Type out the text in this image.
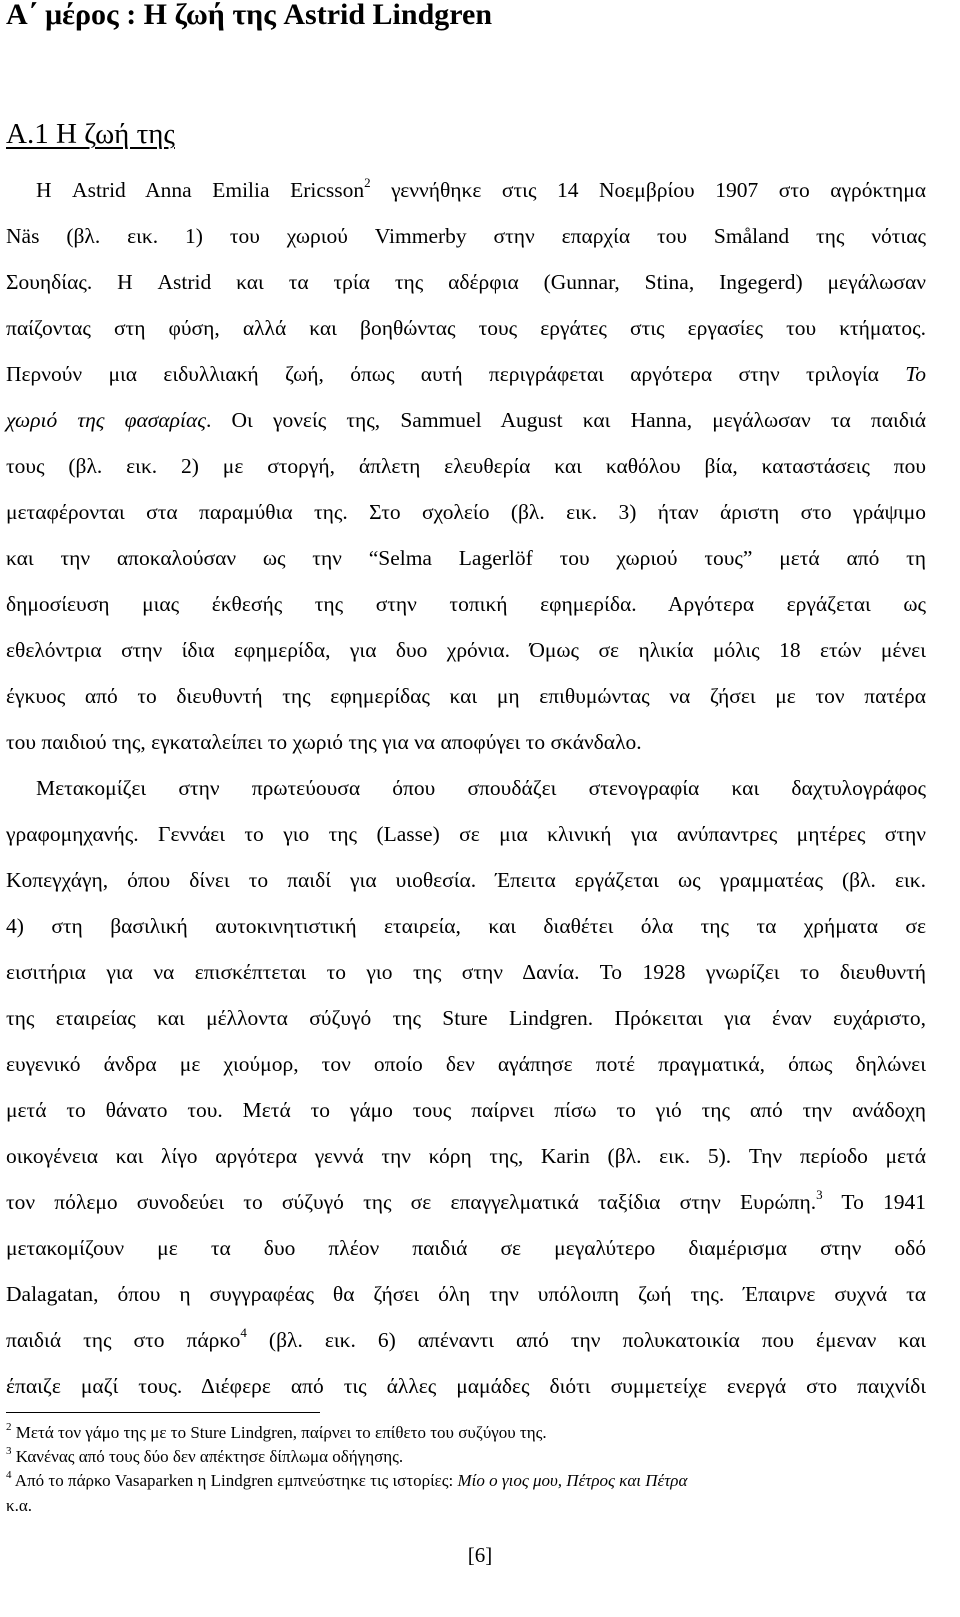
Α΄ μέρος : Η ζωή της Astrid Lindgren
Α.1 Η ζωή της
Η Astrid Anna Emilia Ericsson$^2$ γεννήθηκε στις 14 Νοεμβρίου 1907 στο αγρόκτημα
Näs (βλ. εικ. 1) του χωριού Vimmerby στην επαρχία του Småland της νότιας
Σουηδίας. Η Astrid και τα τρία της αδέρφια (Gunnar, Stina, Ingegerd) μεγάλωσαν
παίζοντας στη φύση, αλλά και βοηθώντας τους εργάτες στις εργασίες του κτήματος.
Περνούν μια ειδυλλιακή ζωή, όπως αυτή περιγράφεται αργότερα στην τριλογία Το
χωριό της φασαρίας. Οι γονείς της, Sammuel August και Hanna, μεγάλωσαν τα παιδιά
τους (βλ. εικ. 2) με στοργή, άπλετη ελευθερία και καθόλου βία, καταστάσεις που
μεταφέρονται στα παραμύθια της. Στο σχολείο (βλ. εικ. 3) ήταν άριστη στο γράψιμο
και την αποκαλούσαν ως την “Selma Lagerlöf του χωριού τους” μετά από τη
δημοσίευση μιας έκθεσής της στην τοπική εφημερίδα. Αργότερα εργάζεται ως
εθελόντρια στην ίδια εφημερίδα, για δυο χρόνια. Όμως σε ηλικία μόλις 18 ετών μένει
έγκυος από το διευθυντή της εφημερίδας και μη επιθυμώντας να ζήσει με τον πατέρα
του παιδιού της, εγκαταλείπει το χωριό της για να αποφύγει το σκάνδαλο.
Μετακομίζει στην πρωτεύουσα όπου σπουδάζει στενογραφία και δαχτυλογράφος
γραφομηχανής. Γεννάει το γιο της (Lasse) σε μια κλινική για ανύπαντρες μητέρες στην
Κοπεγχάγη, όπου δίνει το παιδί για υιοθεσία. Έπειτα εργάζεται ως γραμματέας (βλ. εικ.
4) στη βασιλική αυτοκινητιστική εταιρεία, και διαθέτει όλα της τα χρήματα σε
εισιτήρια για να επισκέπτεται το γιο της στην Δανία. Το 1928 γνωρίζει το διευθυντή
της εταιρείας και μέλλοντα σύζυγό της Sture Lindgren. Πρόκειται για έναν ευχάριστο,
ευγενικό άνδρα με χιούμορ, τον οποίο δεν αγάπησε ποτέ πραγματικά, όπως δηλώνει
μετά το θάνατο του. Μετά το γάμο τους παίρνει πίσω το γιό της από την ανάδοχη
οικογένεια και λίγο αργότερα γεννά την κόρη της, Karin (βλ. εικ. 5). Την περίοδο μετά
τον πόλεμο συνοδεύει το σύζυγό της σε επαγγελματικά ταξίδια στην Ευρώπη.$^3$ Το 1941
μετακομίζουν με τα δυο πλέον παιδιά σε μεγαλύτερο διαμέρισμα στην οδό
Dalagatan, όπου η συγγραφέας θα ζήσει όλη την υπόλοιπη ζωή της. Έπαιρνε συχνά τα
παιδιά της στο πάρκο$^4$ (βλ. εικ. 6) απέναντι από την πολυκατοικία που έμεναν και
έπαιζε μαζί τους. Διέφερε από τις άλλες μαμάδες διότι συμμετείχε ενεργά στο παιχνίδι
$^2$ Μετά τον γάμο της με το Sture Lindgren, παίρνει το επίθετο του συζύγου της.
$^3$ Κανένας από τους δύο δεν απέκτησε δίπλωμα οδήγησης.
$^4$ Από το πάρκο Vasaparken η Lindgren εμπνεύστηκε τις ιστορίες: Μίο ο γιος μου, Πέτρος και Πέτρα
κ.α.
[6]
